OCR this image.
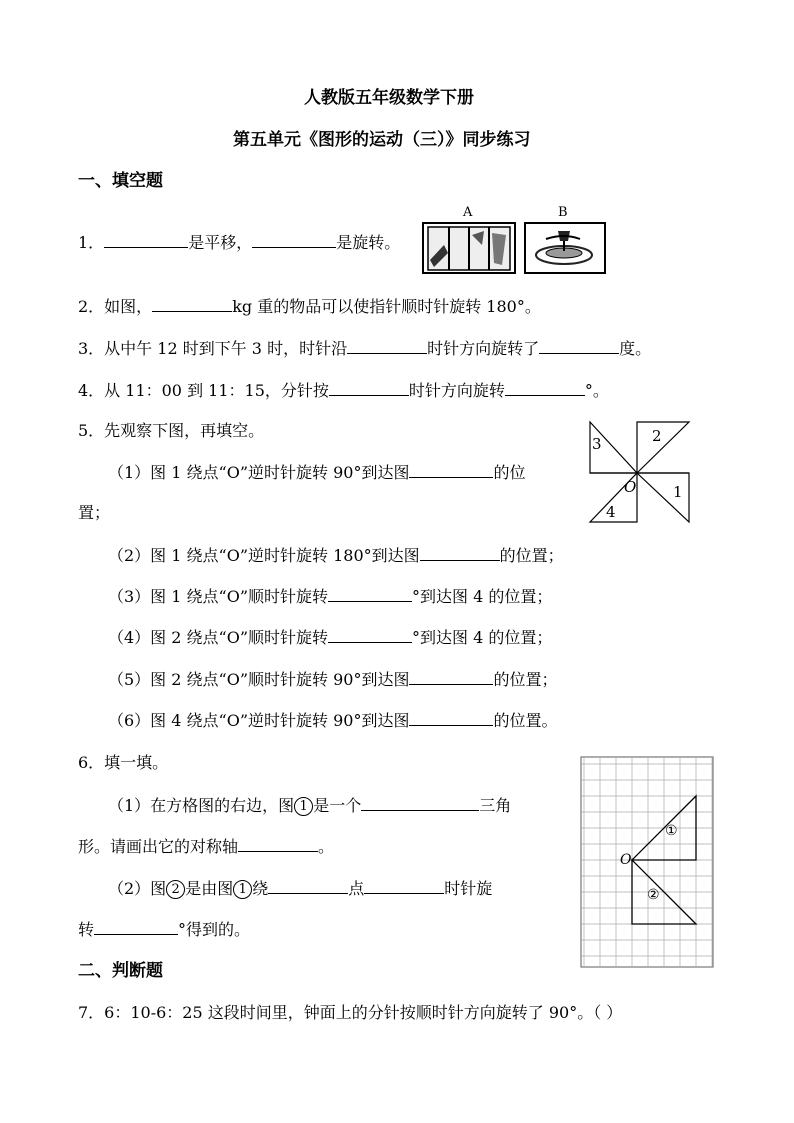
人教版五年级数学下册
第五单元《图形的运动（三）》同步练习
一、填空题
1．	是平移，	是旋转。
A	B
2．如图，	kg 重的物品可以使指针顺时针旋转 180°。
3．从中午 12 时到下午 3 时，时针沿	时针方向旋转了	度。
4．从 11：00 到 11：15，分针按	时针方向旋转	°。
5．先观察下图，再填空。
（1）图 1 绕点“O”逆时针旋转 90°到达图	的位
置；
（2）图 1 绕点“O”逆时针旋转 180°到达图	的位置；
（3）图 1 绕点“O”顺时针旋转	°到达图 4 的位置；
（4）图 2 绕点“O”顺时针旋转	°到达图 4 的位置；
（5）图 2 绕点“O”顺时针旋转 90°到达图	的位置；
（6）图 4 绕点“O”逆时针旋转 90°到达图	的位置。
2
3
1
4
O
6．填一填。
（1）在方格图的右边，图 1 是一个	三角
形。请画出它的对称轴	。
（2）图 2 是由图 1 绕	点	时针旋
转	°得到的。
O
①
②
二、判断题
7．6：10-6：25 这段时间里，钟面上的分针按顺时针方向旋转了 90°。（ ）
